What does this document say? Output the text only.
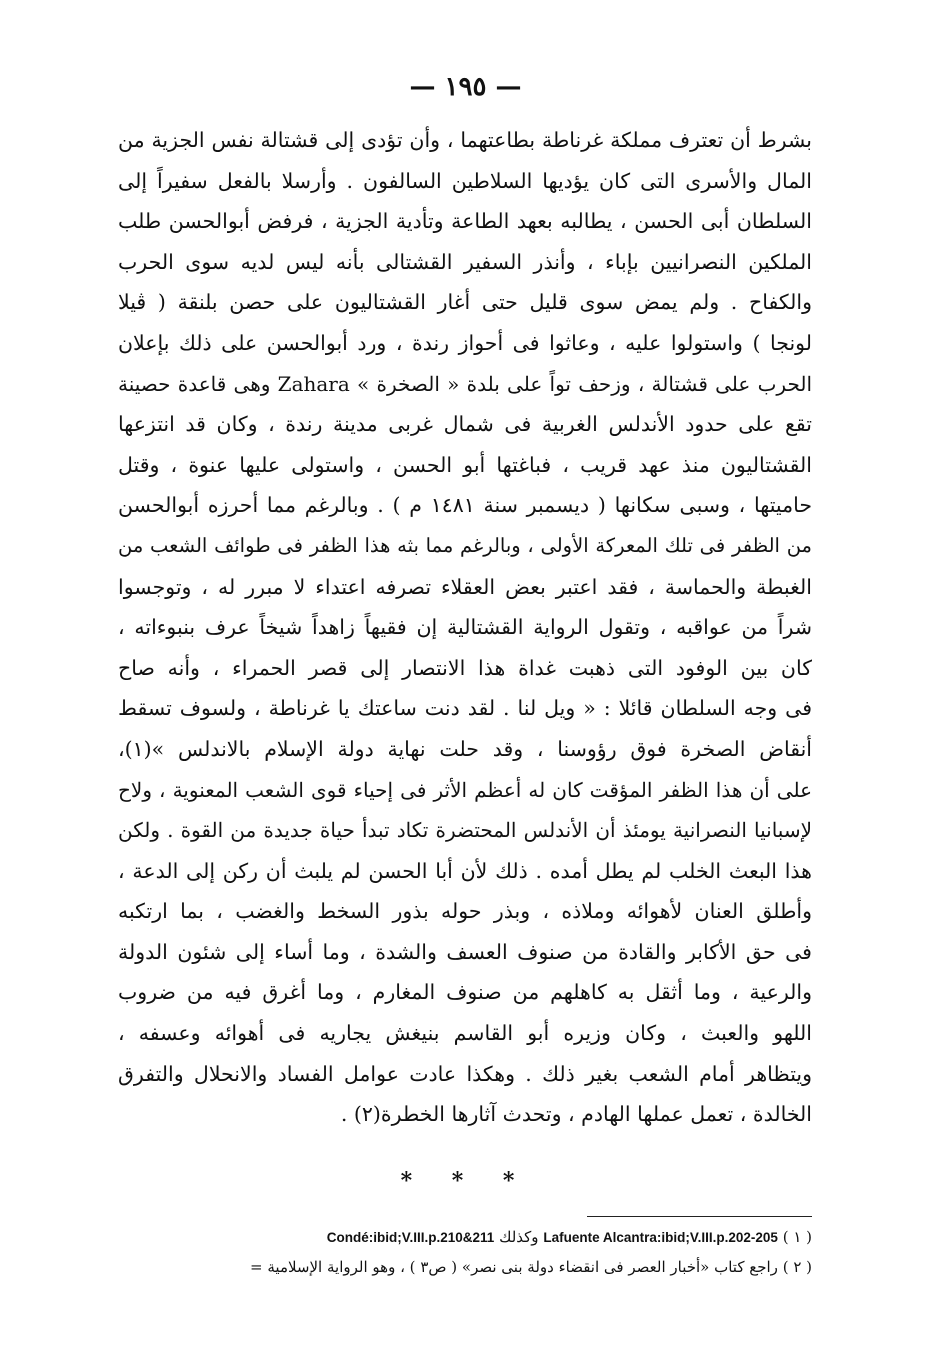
— ١٩٥ —
بشرط أن تعترف مملكة غرناطة بطاعتهما ، وأن تؤدى إلى قشتالة نفس الجزية من
المال والأسرى التى كان يؤديها السلاطين السالفون . وأرسلا بالفعل سفيراً إلى
السلطان أبى الحسن ، يطالبه بعهد الطاعة وتأدية الجزية ، فرفض أبوالحسن طلب
الملكين النصرانيين بإباء ، وأنذر السفير القشتالى بأنه ليس لديه سوى الحرب
والكفاح . ولم يمض سوى قليل حتى أغار القشتاليون على حصن بلنقة ( ڤيلا
لونجا ) واستولوا عليه ، وعاثوا فى أحواز رندة ، ورد أبوالحسن على ذلك بإعلان
الحرب على قشتالة ، وزحف تواً على بلدة « الصخرة » Zahara وهى قاعدة حصينة
تقع على حدود الأندلس الغربية فى شمال غربى مدينة رندة ، وكان قد انتزعها
القشتاليون منذ عهد قريب ، فباغتها أبو الحسن ، واستولى عليها عنوة ، وقتل
حاميتها ، وسبى سكانها ( ديسمبر سنة ١٤٨١ م ) . وبالرغم مما أحرزه أبوالحسن
من الظفر فى تلك المعركة الأولى ، وبالرغم مما بثه هذا الظفر فى طوائف الشعب من
الغبطة والحماسة ، فقد اعتبر بعض العقلاء تصرفه اعتداء لا مبرر له ، وتوجسوا
شراً من عواقبه ، وتقول الرواية القشتالية إن فقيهاً زاهداً شيخاً عرف بنبوءاته ،
كان بين الوفود التى ذهبت غداة هذا الانتصار إلى قصر الحمراء ، وأنه صاح
فى وجه السلطان قائلا : « ويل لنا . لقد دنت ساعتك يا غرناطة ، ولسوف تسقط
أنقاض الصخرة فوق رؤوسنا ، وقد حلت نهاية دولة الإسلام بالاندلس »(١)،
على أن هذا الظفر المؤقت كان له أعظم الأثر فى إحياء قوى الشعب المعنوية ، ولاح
لإسبانيا النصرانية يومئذ أن الأندلس المحتضرة تكاد تبدأ حياة جديدة من القوة . ولكن
هذا البعث الخلب لم يطل أمده . ذلك لأن أبا الحسن لم يلبث أن ركن إلى الدعة ،
وأطلق العنان لأهوائه وملاذه ، وبذر حوله بذور السخط والغضب ، بما ارتكبه
فى حق الأكابر والقادة من صنوف العسف والشدة ، وما أساء إلى شئون الدولة
والرعية ، وما أثقل به كاهلهم من صنوف المغارم ، وما أغرق فيه من ضروب
اللهو والعبث ، وكان وزيره أبو القاسم بنيغش يجاريه فى أهوائه وعسفه ،
ويتظاهر أمام الشعب بغير ذلك . وهكذا عادت عوامل الفساد والانحلال والتفرق
الخالدة ، تعمل عملها الهادم ، وتحدث آثارها الخطرة(٢) .
* * *
( ١ ) Lafuente Alcantra:ibid;V.III.p.202-205 وكذلك Condé:ibid;V.III.p.210&211
( ٢ ) راجع كتاب «أخبار العصر فى انقضاء دولة بنى نصر» ( ص٣ ) ، وهو الرواية الإسلامية =
